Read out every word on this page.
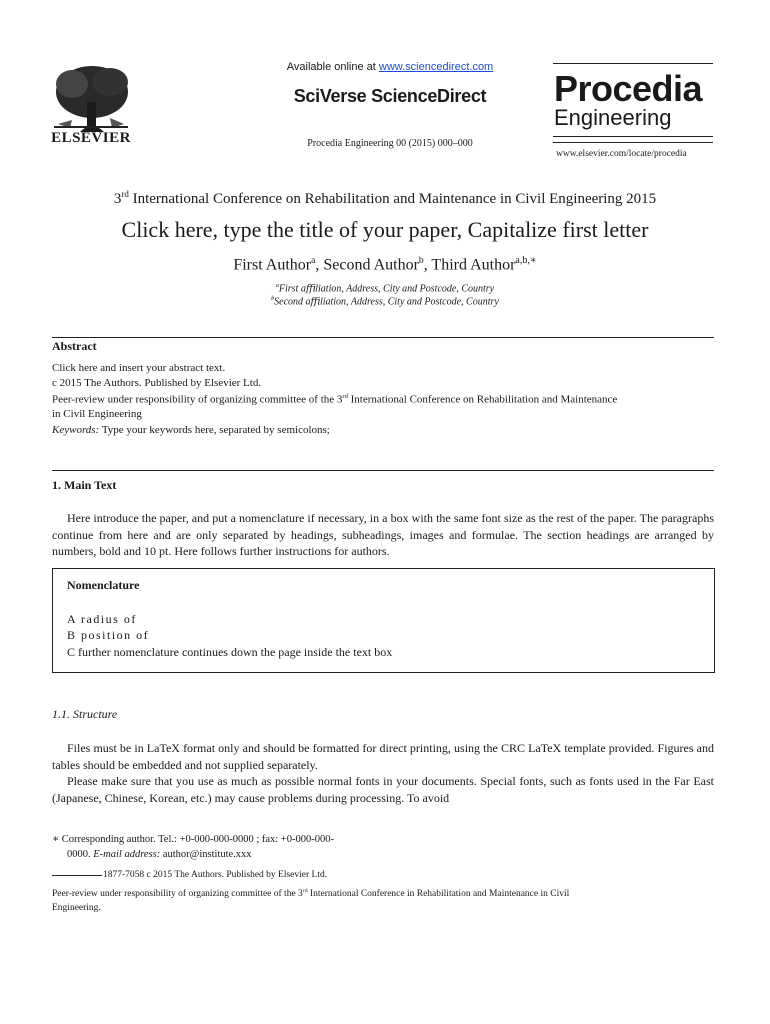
ELSEVIER
Available online at www.sciencedirect.com
SciVerse ScienceDirect
Procedia Engineering 00 (2015) 000–000
Procedia
Engineering
www.elsevier.com/locate/procedia
3rd International Conference on Rehabilitation and Maintenance in Civil Engineering 2015
Click here, type the title of your paper, Capitalize first letter
First Author$^a$, Second Author$^b$, Third Author$^{a,b,∗}$
$^a$First aﬃliation, Address, City and Postcode, Country
$^b$Second aﬃliation, Address, City and Postcode, Country
Abstract
Click here and insert your abstract text.
c 2015 The Authors. Published by Elsevier Ltd.
Peer-review under responsibility of organizing committee of the 3rd International Conference on Rehabilitation and Maintenance
in Civil Engineering
Keywords: Type your keywords here, separated by semicolons;
1. Main Text
Here introduce the paper, and put a nomenclature if necessary, in a box with the same font size as the rest of the paper. The paragraphs continue from here and are only separated by headings, subheadings, images and formulae. The section headings are arranged by numbers, bold and 10 pt. Here follows further instructions for authors.
Nomenclature
A radius of
B position of
C further nomenclature continues down the page inside the text box
1.1. Structure
Files must be in LaTeX format only and should be formatted for direct printing, using the CRC LaTeX template provided. Figures and tables should be embedded and not supplied separately.
Please make sure that you use as much as possible normal fonts in your documents. Special fonts, such as fonts used in the Far East (Japanese, Chinese, Korean, etc.) may cause problems during processing. To avoid
∗ Corresponding author. Tel.: +0-000-000-0000 ; fax: +0-000-000-
0000. E-mail address: author@institute.xxx
1877-7058 c 2015 The Authors. Published by Elsevier Ltd.
Peer-review under responsibility of organizing committee of the 3rd International Conference in Rehabilitation and Maintenance in Civil
Engineering.
